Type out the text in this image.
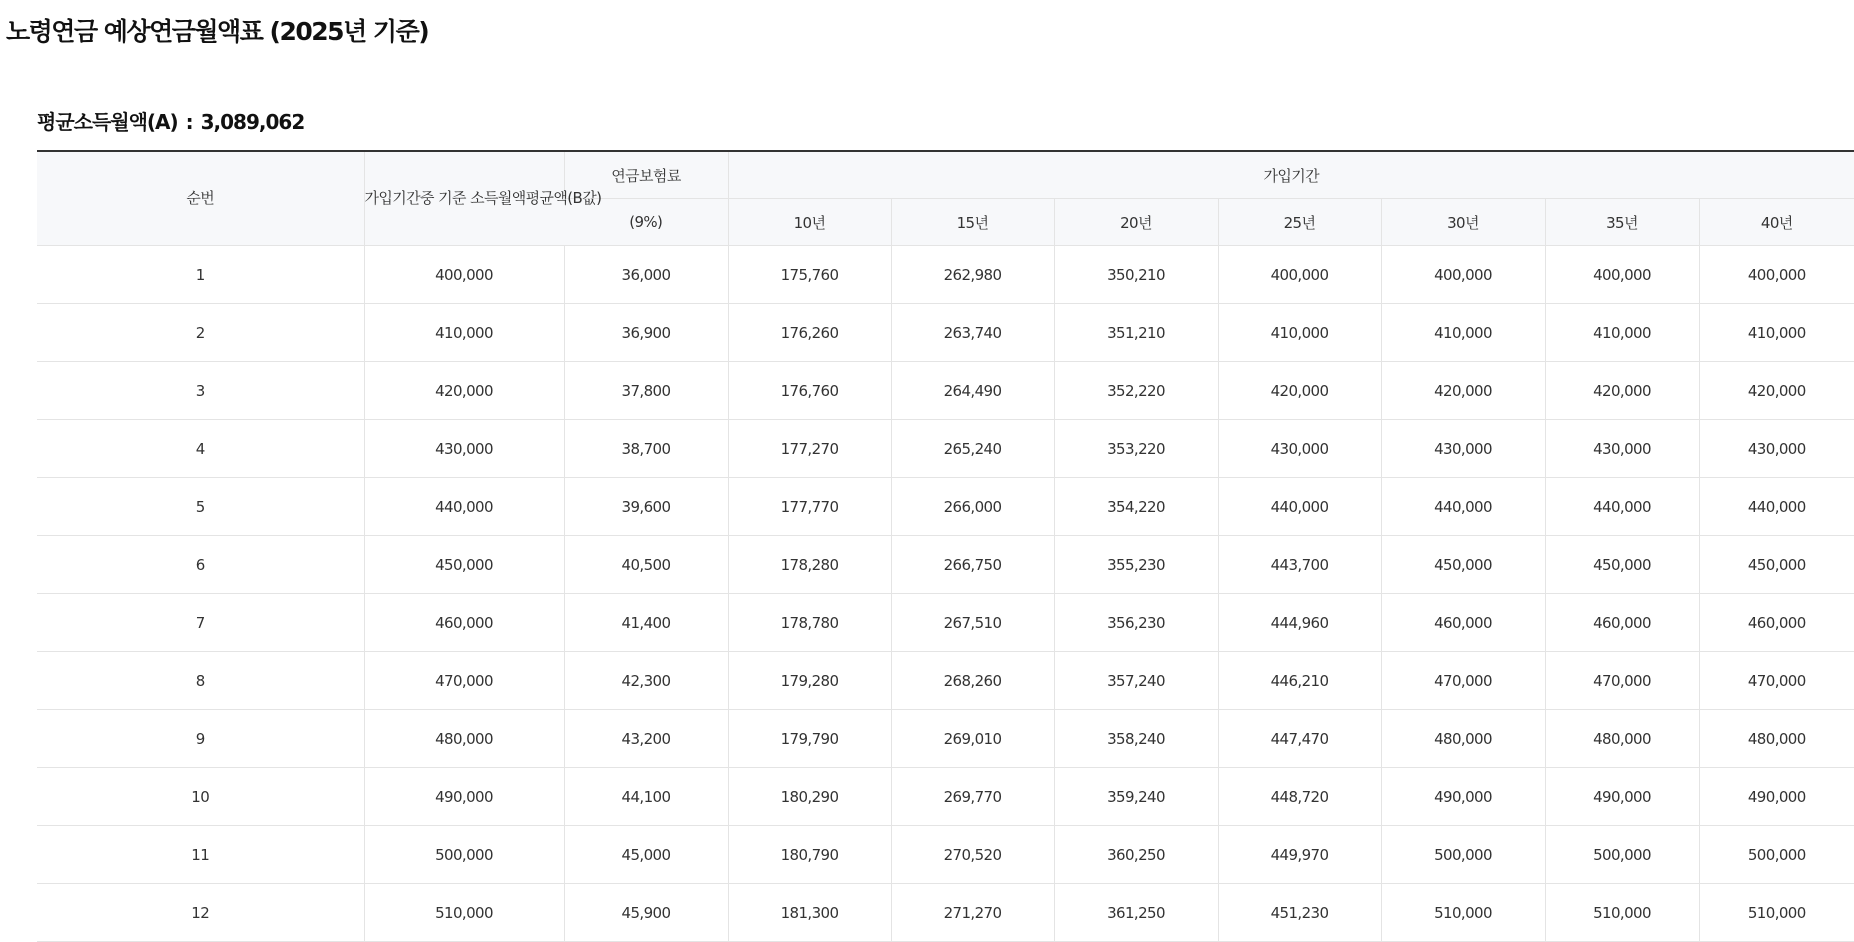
노령연금 예상연금월액표 (2025년 기준)
평균소득월액(A) : 3,089,062
순번	가입기간중 기준 소득월액평균액(B값)	연금보험료	가입기간						
		(9%)	10년	15년	20년	25년	30년	35년	40년
1	400,000	36,000	175,760	262,980	350,210	400,000	400,000	400,000	400,000
2	410,000	36,900	176,260	263,740	351,210	410,000	410,000	410,000	410,000
3	420,000	37,800	176,760	264,490	352,220	420,000	420,000	420,000	420,000
4	430,000	38,700	177,270	265,240	353,220	430,000	430,000	430,000	430,000
5	440,000	39,600	177,770	266,000	354,220	440,000	440,000	440,000	440,000
6	450,000	40,500	178,280	266,750	355,230	443,700	450,000	450,000	450,000
7	460,000	41,400	178,780	267,510	356,230	444,960	460,000	460,000	460,000
8	470,000	42,300	179,280	268,260	357,240	446,210	470,000	470,000	470,000
9	480,000	43,200	179,790	269,010	358,240	447,470	480,000	480,000	480,000
10	490,000	44,100	180,290	269,770	359,240	448,720	490,000	490,000	490,000
11	500,000	45,000	180,790	270,520	360,250	449,970	500,000	500,000	500,000
12	510,000	45,900	181,300	271,270	361,250	451,230	510,000	510,000	510,000
